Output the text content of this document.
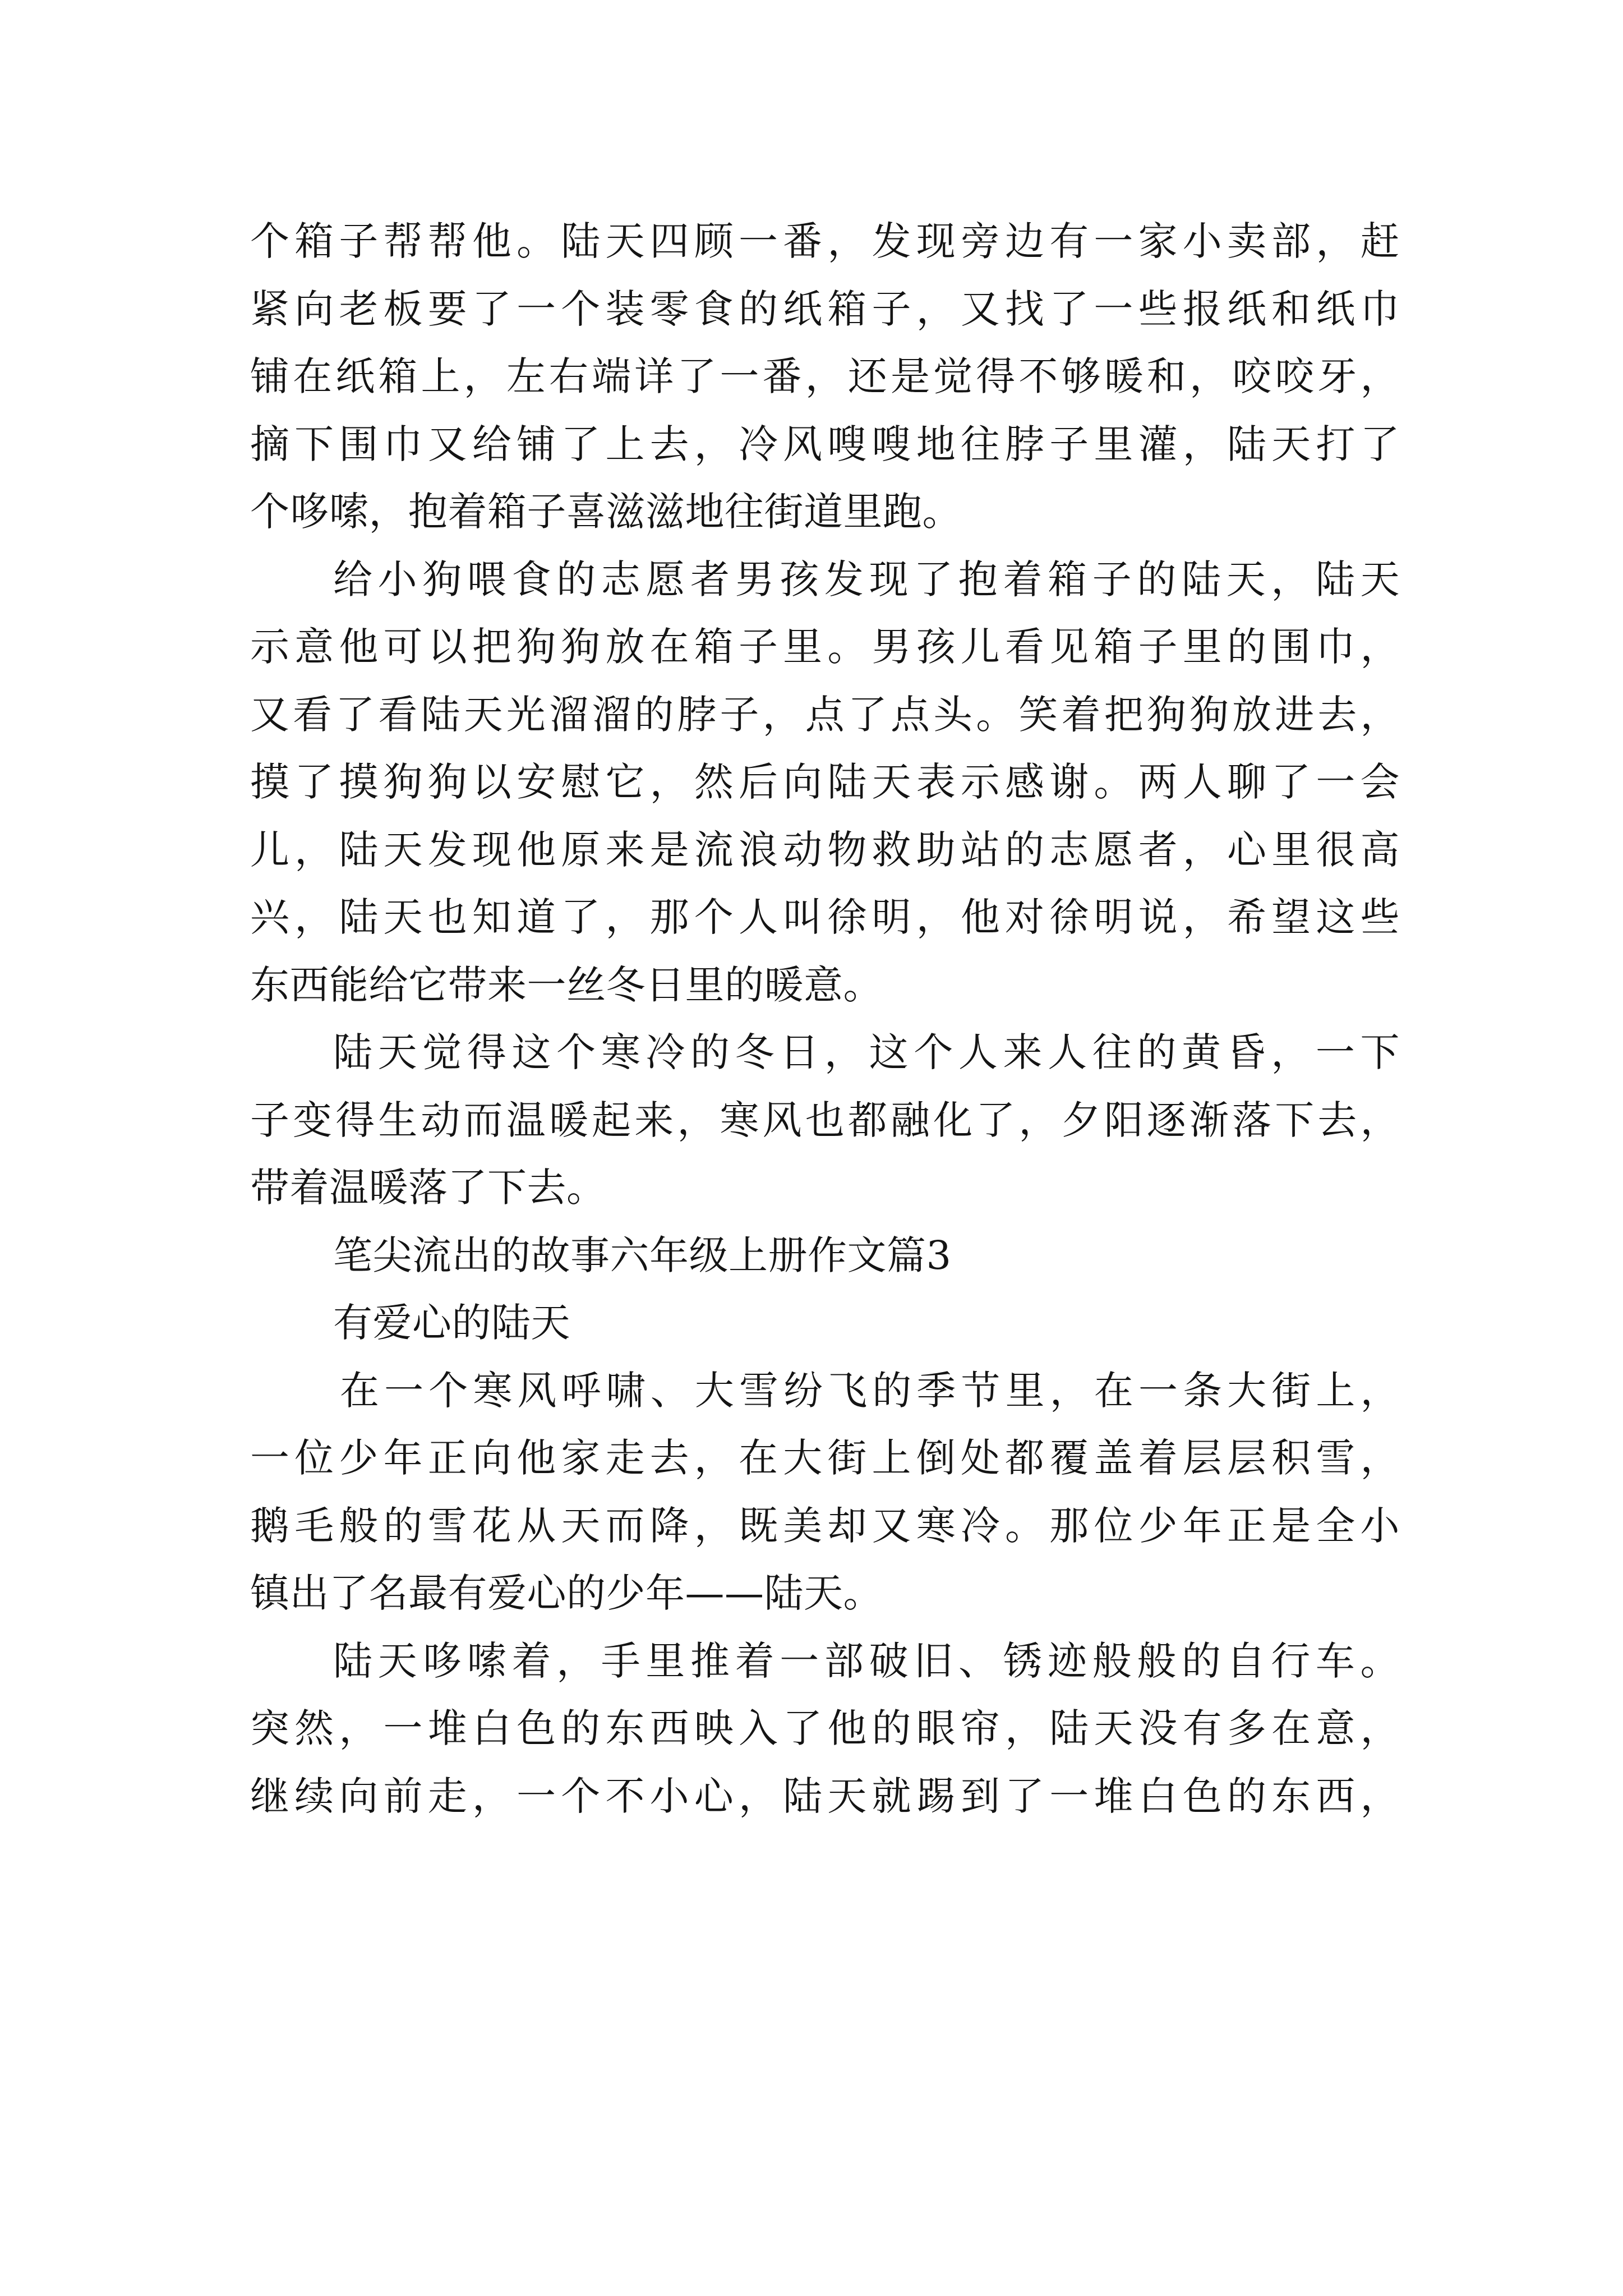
个箱子帮帮他。陆天四顾一番，发现旁边有一家小卖部，赶
紧向老板要了一个装零食的纸箱子，又找了一些报纸和纸巾
铺在纸箱上，左右端详了一番，还是觉得不够暖和，咬咬牙，
摘下围巾又给铺了上去，冷风嗖嗖地往脖子里灌，陆天打了
个哆嗦，抱着箱子喜滋滋地往街道里跑。
给小狗喂食的志愿者男孩发现了抱着箱子的陆天，陆天
示意他可以把狗狗放在箱子里。男孩儿看见箱子里的围巾，
又看了看陆天光溜溜的脖子，点了点头。笑着把狗狗放进去，
摸了摸狗狗以安慰它，然后向陆天表示感谢。两人聊了一会
儿，陆天发现他原来是流浪动物救助站的志愿者，心里很高
兴，陆天也知道了，那个人叫徐明，他对徐明说，希望这些
东西能给它带来一丝冬日里的暖意。
陆天觉得这个寒冷的冬日，这个人来人往的黄昏，一下
子变得生动而温暖起来，寒风也都融化了，夕阳逐渐落下去，
带着温暖落了下去。
笔尖流出的故事六年级上册作文篇3
有爱心的陆天
在一个寒风呼啸、大雪纷飞的季节里，在一条大街上，
一位少年正向他家走去，在大街上倒处都覆盖着层层积雪，
鹅毛般的雪花从天而降，既美却又寒冷。那位少年正是全小
镇出了名最有爱心的少年——陆天。
陆天哆嗦着，手里推着一部破旧、锈迹般般的自行车。
突然，一堆白色的东西映入了他的眼帘，陆天没有多在意，
继续向前走，一个不小心，陆天就踢到了一堆白色的东西，
